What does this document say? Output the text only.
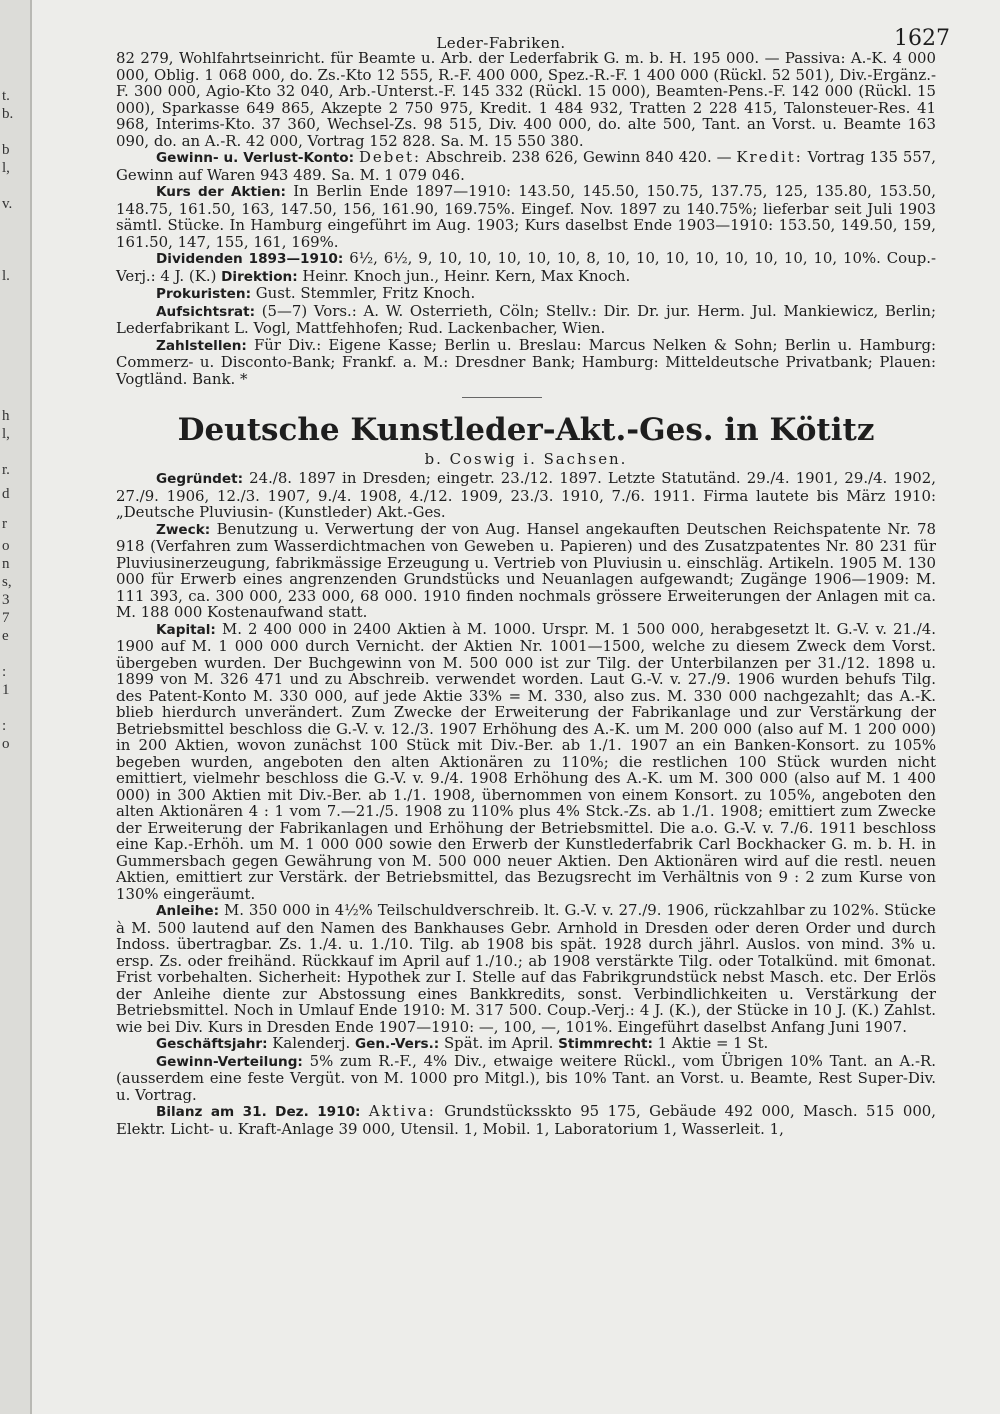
t.
b.
b
l,
v.
l.
h
l,
r.
d
r
o
n
s,
3
7
e
:
1
:
o
Leder-Fabriken.	1627

82 279, Wohlfahrtseinricht. für Beamte u. Arb. der Lederfabrik G. m. b. H. 195 000. — Passiva: A.-K. 4 000 000, Oblig. 1 068 000, do. Zs.-Kto 12 555, R.-F. 400 000, Spez.-R.-F. 1 400 000 (Rückl. 52 501), Div.-Ergänz.-F. 300 000, Agio-Kto 32 040, Arb.-Unterst.-F. 145 332 (Rückl. 15 000), Beamten-Pens.-F. 142 000 (Rückl. 15 000), Sparkasse 649 865, Akzepte 2 750 975, Kredit. 1 484 932, Tratten 2 228 415, Talonsteuer-Res. 41 968, Interims-Kto. 37 360, Wechsel-Zs. 98 515, Div. 400 000, do. alte 500, Tant. an Vorst. u. Beamte 163 090, do. an A.-R. 42 000, Vortrag 152 828. Sa. M. 15 550 380.

Gewinn- u. Verlust-Konto: Debet: Abschreib. 238 626, Gewinn 840 420. — Kredit: Vortrag 135 557, Gewinn auf Waren 943 489. Sa. M. 1 079 046.

Kurs der Aktien: In Berlin Ende 1897—1910: 143.50, 145.50, 150.75, 137.75, 125, 135.80, 153.50, 148.75, 161.50, 163, 147.50, 156, 161.90, 169.75%. Eingef. Nov. 1897 zu 140.75%; lieferbar seit Juli 1903 sämtl. Stücke. In Hamburg eingeführt im Aug. 1903; Kurs daselbst Ende 1903—1910: 153.50, 149.50, 159, 161.50, 147, 155, 161, 169%.

Dividenden 1893—1910: 6½, 6½, 9, 10, 10, 10, 10, 10, 8, 10, 10, 10, 10, 10, 10, 10, 10, 10%. Coup.-Verj.: 4 J. (K.) Direktion: Heinr. Knoch jun., Heinr. Kern, Max Knoch.

Prokuristen: Gust. Stemmler, Fritz Knoch.

Aufsichtsrat: (5—7) Vors.: A. W. Osterrieth, Cöln; Stellv.: Dir. Dr. jur. Herm. Jul. Mankiewicz, Berlin; Lederfabrikant L. Vogl, Mattfehhofen; Rud. Lackenbacher, Wien.

Zahlstellen: Für Div.: Eigene Kasse; Berlin u. Breslau: Marcus Nelken & Sohn; Berlin u. Hamburg: Commerz- u. Disconto-Bank; Frankf. a. M.: Dresdner Bank; Hamburg: Mitteldeutsche Privatbank; Plauen: Vogtländ. Bank. *

Deutsche Kunstleder-Akt.-Ges. in Kötitz
b. Coswig i. Sachsen.

Gegründet: 24./8. 1897 in Dresden; eingetr. 23./12. 1897. Letzte Statutänd. 29./4. 1901, 29./4. 1902, 27./9. 1906, 12./3. 1907, 9./4. 1908, 4./12. 1909, 23./3. 1910, 7./6. 1911. Firma lautete bis März 1910: „Deutsche Pluviusin- (Kunstleder) Akt.-Ges.

Zweck: Benutzung u. Verwertung der von Aug. Hansel angekauften Deutschen Reichspatente Nr. 78 918 (Verfahren zum Wasserdichtmachen von Geweben u. Papieren) und des Zusatzpatentes Nr. 80 231 für Pluviusinerzeugung, fabrikmässige Erzeugung u. Vertrieb von Pluviusin u. einschläg. Artikeln. 1905 M. 130 000 für Erwerb eines angrenzenden Grundstücks und Neuanlagen aufgewandt; Zugänge 1906—1909: M. 111 393, ca. 300 000, 233 000, 68 000. 1910 finden nochmals grössere Erweiterungen der Anlagen mit ca. M. 188 000 Kostenaufwand statt.

Kapital: M. 2 400 000 in 2400 Aktien à M. 1000. Urspr. M. 1 500 000, herabgesetzt lt. G.-V. v. 21./4. 1900 auf M. 1 000 000 durch Vernicht. der Aktien Nr. 1001—1500, welche zu diesem Zweck dem Vorst. übergeben wurden. Der Buchgewinn von M. 500 000 ist zur Tilg. der Unterbilanzen per 31./12. 1898 u. 1899 von M. 326 471 und zu Abschreib. verwendet worden. Laut G.-V. v. 27./9. 1906 wurden behufs Tilg. des Patent-Konto M. 330 000, auf jede Aktie 33% = M. 330, also zus. M. 330 000 nachgezahlt; das A.-K. blieb hierdurch unverändert. Zum Zwecke der Erweiterung der Fabrikanlage und zur Verstärkung der Betriebsmittel beschloss die G.-V. v. 12./3. 1907 Erhöhung des A.-K. um M. 200 000 (also auf M. 1 200 000) in 200 Aktien, wovon zunächst 100 Stück mit Div.-Ber. ab 1./1. 1907 an ein Banken-Konsort. zu 105% begeben wurden, angeboten den alten Aktionären zu 110%; die restlichen 100 Stück wurden nicht emittiert, vielmehr beschloss die G.-V. v. 9./4. 1908 Erhöhung des A.-K. um M. 300 000 (also auf M. 1 400 000) in 300 Aktien mit Div.-Ber. ab 1./1. 1908, übernommen von einem Konsort. zu 105%, angeboten den alten Aktionären 4 : 1 vom 7.—21./5. 1908 zu 110% plus 4% Stck.-Zs. ab 1./1. 1908; emittiert zum Zwecke der Erweiterung der Fabrikanlagen und Erhöhung der Betriebsmittel. Die a.o. G.-V. v. 7./6. 1911 beschloss eine Kap.-Erhöh. um M. 1 000 000 sowie den Erwerb der Kunstlederfabrik Carl Bockhacker G. m. b. H. in Gummersbach gegen Gewährung von M. 500 000 neuer Aktien. Den Aktionären wird auf die restl. neuen Aktien, emittiert zur Verstärk. der Betriebsmittel, das Bezugsrecht im Verhältnis von 9 : 2 zum Kurse von 130% eingeräumt.

Anleihe: M. 350 000 in 4½% Teilschuldverschreib. lt. G.-V. v. 27./9. 1906, rückzahlbar zu 102%. Stücke à M. 500 lautend auf den Namen des Bankhauses Gebr. Arnhold in Dresden oder deren Order und durch Indoss. übertragbar. Zs. 1./4. u. 1./10. Tilg. ab 1908 bis spät. 1928 durch jährl. Auslos. von mind. 3% u. ersp. Zs. oder freihänd. Rückkauf im April auf 1./10.; ab 1908 verstärkte Tilg. oder Totalkünd. mit 6monat. Frist vorbehalten. Sicherheit: Hypothek zur I. Stelle auf das Fabrikgrundstück nebst Masch. etc. Der Erlös der Anleihe diente zur Abstossung eines Bankkredits, sonst. Verbindlichkeiten u. Verstärkung der Betriebsmittel. Noch in Umlauf Ende 1910: M. 317 500. Coup.-Verj.: 4 J. (K.), der Stücke in 10 J. (K.) Zahlst. wie bei Div. Kurs in Dresden Ende 1907—1910: —, 100, —, 101%. Eingeführt daselbst Anfang Juni 1907.

Geschäftsjahr: Kalenderj. Gen.-Vers.: Spät. im April. Stimmrecht: 1 Aktie = 1 St.

Gewinn-Verteilung: 5% zum R.-F., 4% Div., etwaige weitere Rückl., vom Übrigen 10% Tant. an A.-R. (ausserdem eine feste Vergüt. von M. 1000 pro Mitgl.), bis 10% Tant. an Vorst. u. Beamte, Rest Super-Div. u. Vortrag.

Bilanz am 31. Dez. 1910: Aktiva: Grundstücksskto 95 175, Gebäude 492 000, Masch. 515 000, Elektr. Licht- u. Kraft-Anlage 39 000, Utensil. 1, Mobil. 1, Laboratorium 1, Wasserleit. 1,
